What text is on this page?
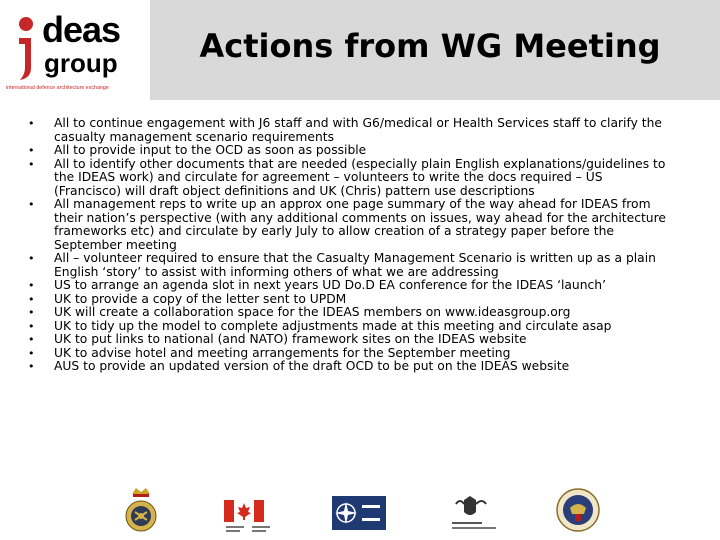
deas
group
international defence architecture exchange
Actions from WG Meeting
• All to continue engagement with J6 staff and with G6/medical or Health Services staff to clarify the casualty management scenario requirements
• All to provide input to the OCD as soon as possible
• All to identify other documents that are needed (especially plain English explanations/guidelines to the IDEAS work) and circulate for agreement – volunteers to write the docs required – US (Francisco) will draft object definitions and UK (Chris) pattern use descriptions
• All management reps to write up an approx one page summary of the way ahead for IDEAS from their nation’s perspective (with any additional comments on issues, way ahead for the architecture frameworks etc) and circulate by early July to allow creation of a strategy paper before the September meeting
• All – volunteer required to ensure that the Casualty Management Scenario is written up as a plain English ‘story’ to assist with informing others of what we are addressing
• US to arrange an agenda slot in next years UD Do.D EA conference for the IDEAS ‘launch’
• UK to provide a copy of the letter sent to UPDM
• UK will create a collaboration space for the IDEAS members on www.ideasgroup.org
• UK to tidy up the model to complete adjustments made at this meeting and circulate asap
• UK to put links to national (and NATO) framework sites on the IDEAS website
• UK to advise hotel and meeting arrangements for the September meeting
• AUS to provide an updated version of the draft OCD to be put on the IDEAS website
